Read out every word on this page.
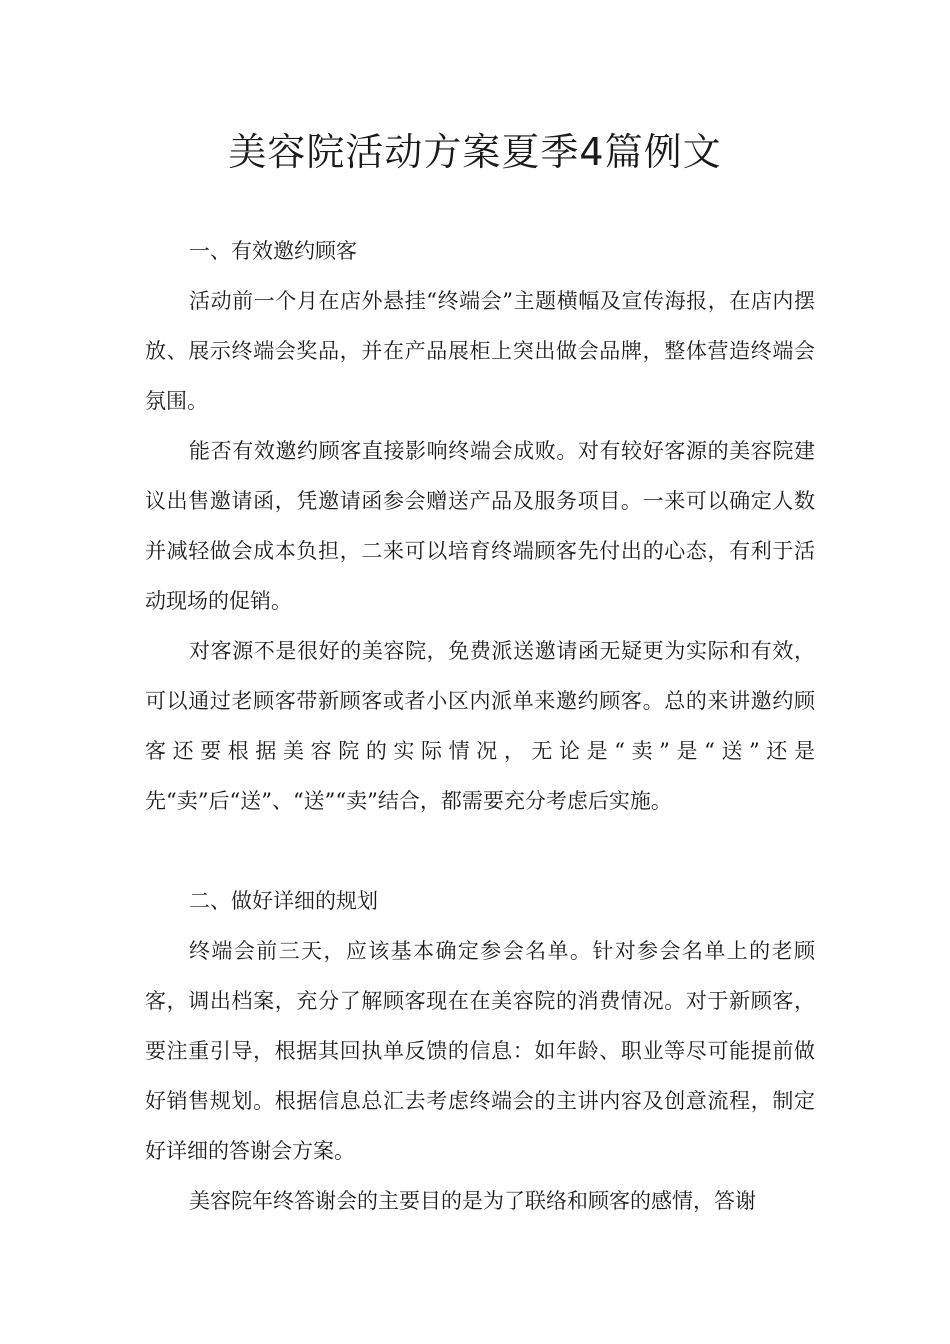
美容院活动方案夏季4篇例文
一、有效邀约顾客

活动前一个月在店外悬挂“终端会”主题横幅及宣传海报，在店内摆放、展示终端会奖品，并在产品展柜上突出做会品牌，整体营造终端会氛围。

能否有效邀约顾客直接影响终端会成败。对有较好客源的美容院建议出售邀请函，凭邀请函参会赠送产品及服务项目。一来可以确定人数并减轻做会成本负担，二来可以培育终端顾客先付出的心态，有利于活动现场的促销。

对客源不是很好的美容院，免费派送邀请函无疑更为实际和有效，可以通过老顾客带新顾客或者小区内派单来邀约顾客。总的来讲邀约顾客还要根据美容院的实际情况，无论是“卖”是“送”还是先“卖”后“送”、“送”“卖”结合，都需要充分考虑后实施。

二、做好详细的规划

终端会前三天，应该基本确定参会名单。针对参会名单上的老顾客，调出档案，充分了解顾客现在在美容院的消费情况。对于新顾客，要注重引导，根据其回执单反馈的信息：如年龄、职业等尽可能提前做好销售规划。根据信息总汇去考虑终端会的主讲内容及创意流程，制定好详细的答谢会方案。

美容院年终答谢会的主要目的是为了联络和顾客的感情，答谢
